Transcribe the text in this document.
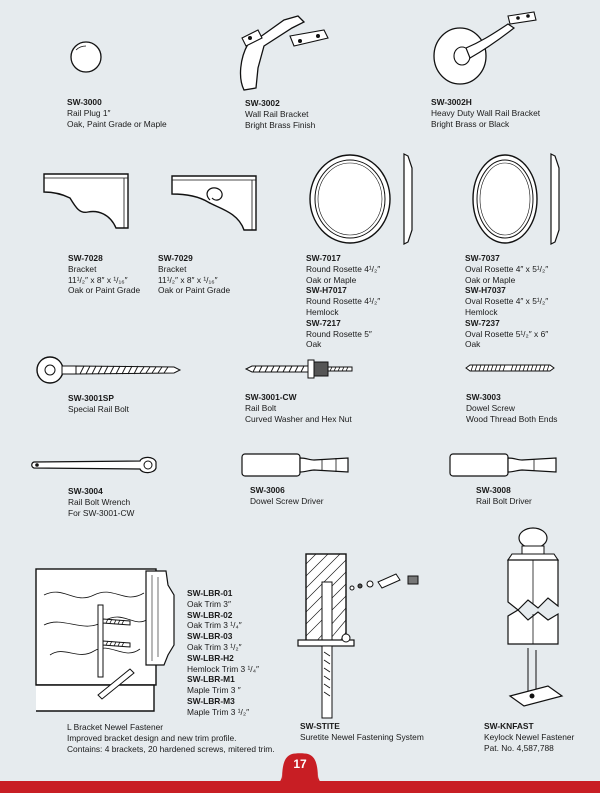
SW-3000
Rail Plug 1″
Oak, Paint Grade or Maple
SW-3002
Wall Rail Bracket
Bright Brass Finish
SW-3002H
Heavy Duty Wall Rail Bracket
Bright Brass or Black
SW-7028
Bracket
11¹/₂″ x 8″ x ¹/₁₆″
Oak or Paint Grade
SW-7029
Bracket
11¹/₂″ x 8″ x ¹/₁₆″
Oak or Paint Grade
SW-7017
Round Rosette 4¹/₂″
Oak or Maple
SW-H7017
Round Rosette 4¹/₂″
Hemlock
SW-7217
Round Rosette 5″
Oak
SW-7037
Oval Rosette 4″ x 5¹/₂″
Oak or Maple
SW-H7037
Oval Rosette 4″ x 5¹/₂″
Hemlock
SW-7237
Oval Rosette 5¹/₂″ x 6″
Oak
SW-3001SP
Special Rail Bolt
SW-3001-CW
Rail Bolt
Curved Washer and Hex Nut
SW-3003
Dowel Screw
Wood Thread Both Ends
SW-3004
Rail Bolt Wrench
For SW-3001-CW
SW-3006
Dowel Screw Driver
SW-3008
Rail Bolt Driver
SW-LBR-01
Oak Trim 3″
SW-LBR-02
Oak Trim 3 ¹/₄″
SW-LBR-03
Oak Trim 3 ¹/₂″
SW-LBR-H2
Hemlock Trim 3 ¹/₄″
SW-LBR-M1
Maple Trim 3 ″
SW-LBR-M3
Maple Trim 3 ¹/₂″
L Bracket Newel Fastener
Improved bracket design and new trim profile.
Contains: 4 brackets, 20 hardened screws, mitered trim.
SW-STITE
Suretite Newel Fastening System
SW-KNFAST
Keylock Newel Fastener
Pat. No. 4,587,788
17
